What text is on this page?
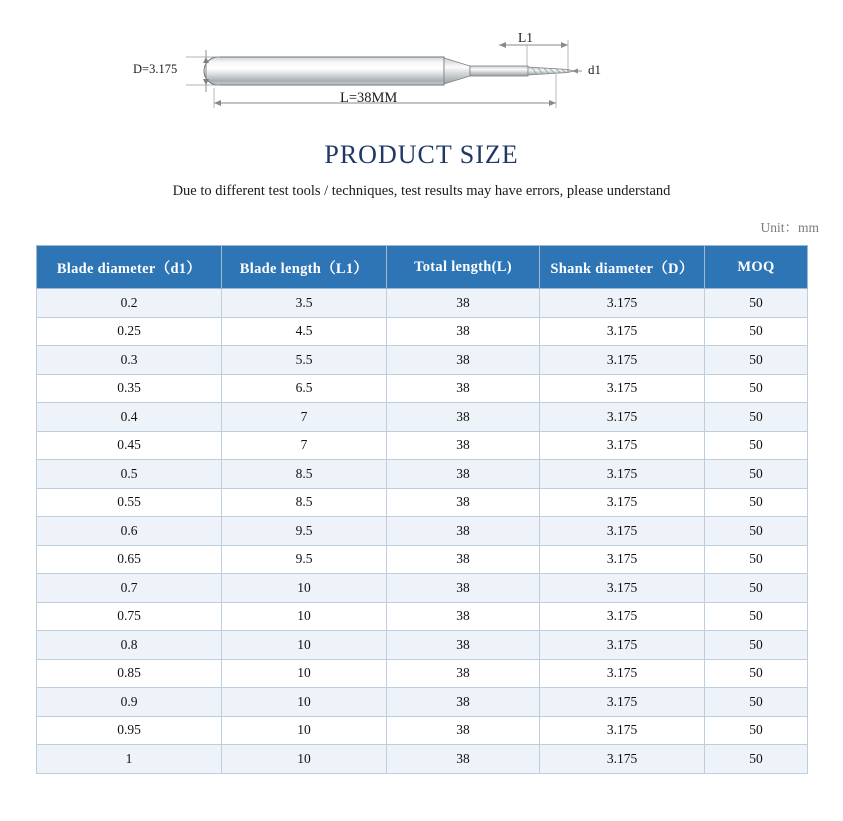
D=3.175
L=38MM
L1
d1
PRODUCT SIZE
Due to different test tools / techniques, test results may have errors, please understand
Unit：mm
Blade diameter（d1）	Blade length（L1）	Total length(L)	Shank diameter（D）	MOQ
0.2	3.5	38	3.175	50
0.25	4.5	38	3.175	50
0.3	5.5	38	3.175	50
0.35	6.5	38	3.175	50
0.4	7	38	3.175	50
0.45	7	38	3.175	50
0.5	8.5	38	3.175	50
0.55	8.5	38	3.175	50
0.6	9.5	38	3.175	50
0.65	9.5	38	3.175	50
0.7	10	38	3.175	50
0.75	10	38	3.175	50
0.8	10	38	3.175	50
0.85	10	38	3.175	50
0.9	10	38	3.175	50
0.95	10	38	3.175	50
1	10	38	3.175	50
